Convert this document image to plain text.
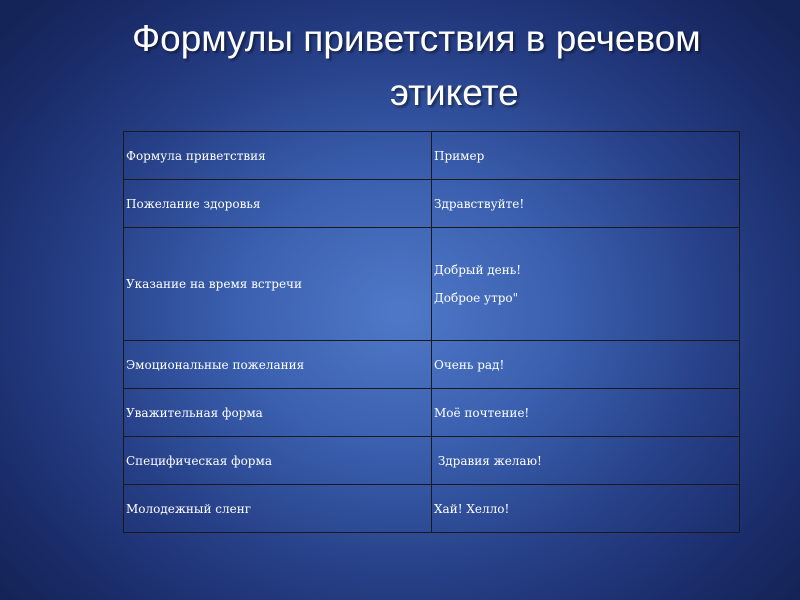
Формулы приветствия в речевом
этикете
Формула приветствия	Пример
Пожелание здоровья	Здравствуйте!

Указание на время встречи	Добрый день!
Доброе утро"

Эмоциональные пожелания	Очень рад!

Уважительная форма	Моё почтение!

Специфическая форма	Здравия желаю!

Молодежный сленг	Хай! Хелло!
